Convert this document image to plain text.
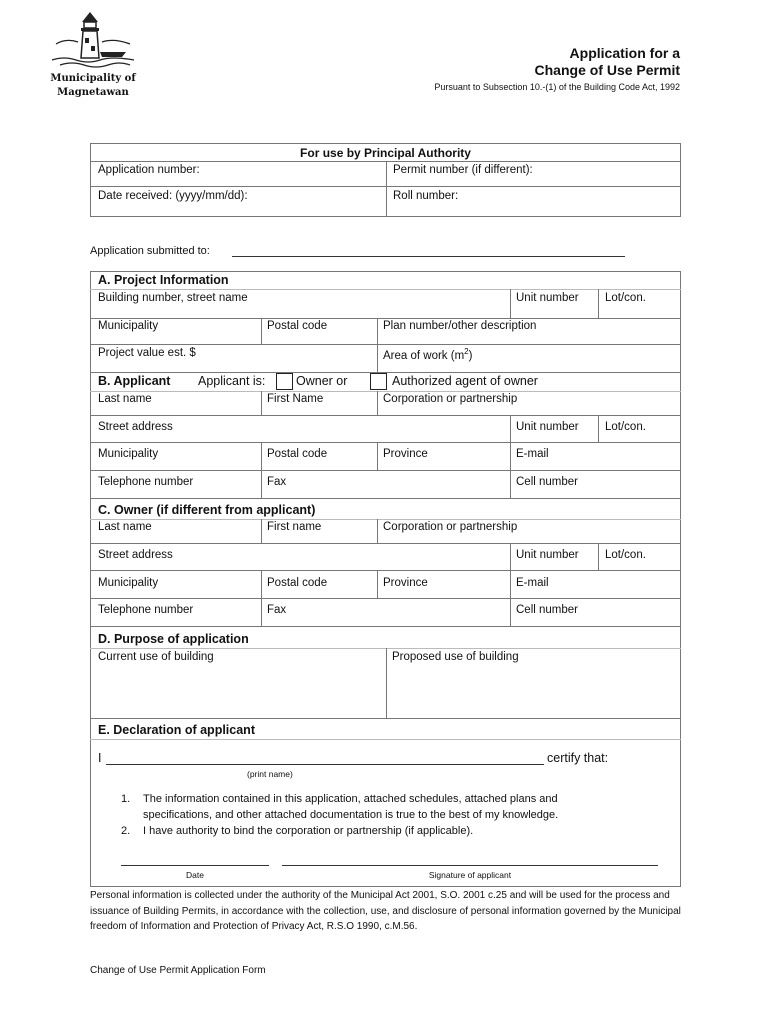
Municipality of
Magnetawan
Application for a
Change of Use Permit
Pursuant to Subsection 10.-(1) of the Building Code Act, 1992
For use by Principal Authority
Application number:	Permit number (if different):
Date received: (yyyy/mm/dd):	Roll number:
Application submitted to:
A. Project Information
Building number, street name	Unit number Lot/con.
Municipality	Postal code	Plan number/other description
Project value est. $	Area of work $(m^2)$
B. Applicant Applicant is: Owner or	Authorized agent of owner
Last name	First Name	Corporation or partnership
Street address	Unit number Lot/con.
Municipality	Postal code	Province	E-mail
Telephone number	Fax	Cell number
C. Owner (if different from applicant)
Last name	First name	Corporation or partnership
Street address	Unit number Lot/con.
Municipality	Postal code	Province	E-mail
Telephone number	Fax	Cell number
D. Purpose of application
Current use of building	Proposed use of building
E. Declaration of applicant
I	certify that:
(print name)
1. The information contained in this application, attached schedules, attached plans and specifications, and other attached documentation is true to the best of my knowledge.
2. I have authority to bind the corporation or partnership (if applicable).
Date	Signature of applicant
Personal information is collected under the authority of the Municipal Act 2001, S.O. 2001 c.25 and will be used for the process and issuance of Building Permits, in accordance with the collection, use, and disclosure of personal information governed by the Municipal freedom of Information and Protection of Privacy Act, R.S.O 1990, c.M.56.
Change of Use Permit Application Form
